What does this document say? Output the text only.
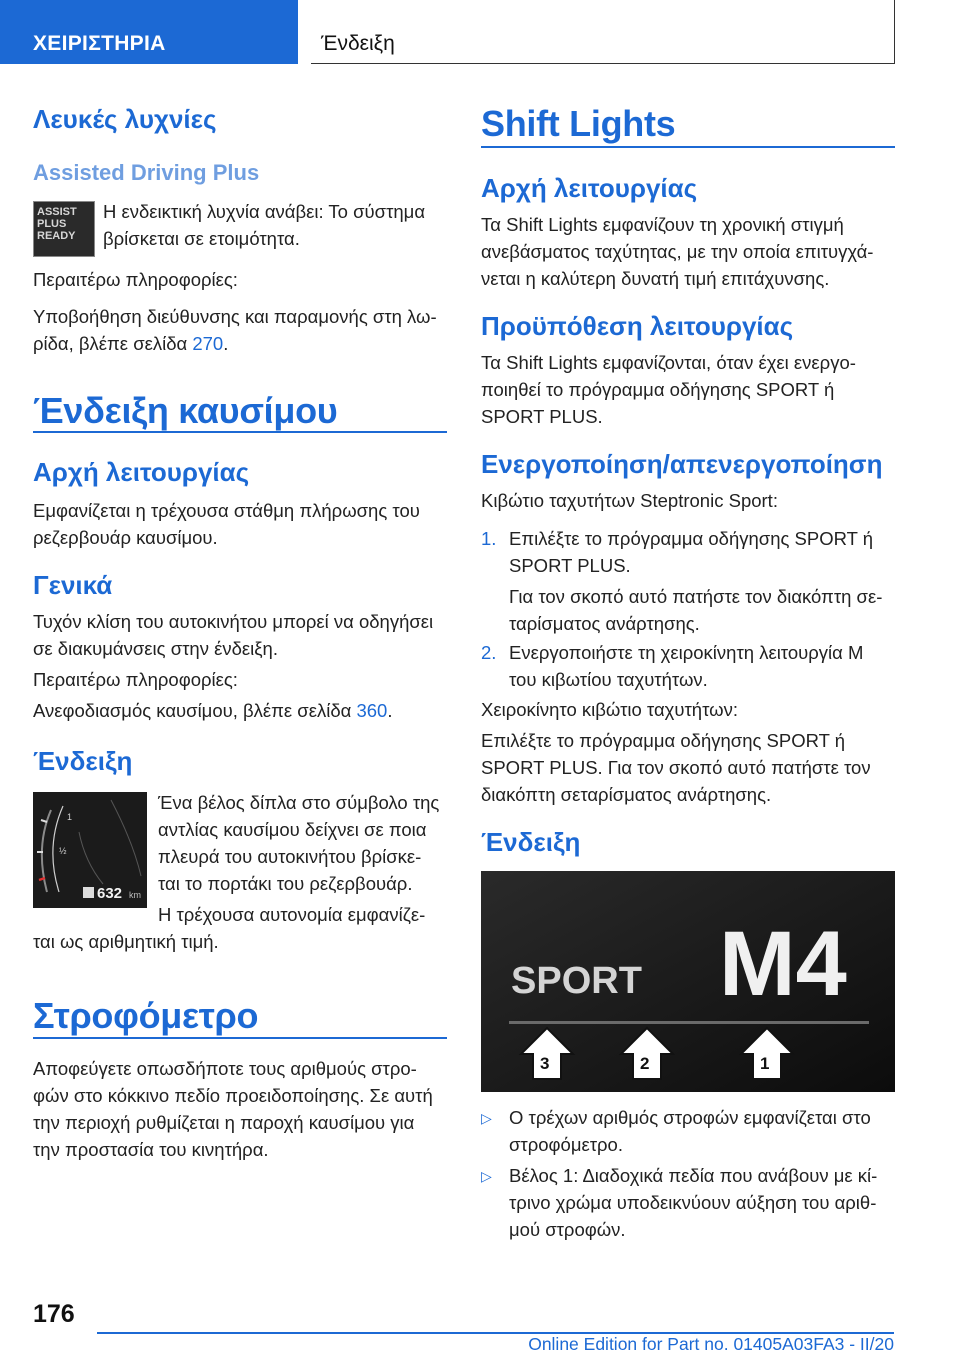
ΧΕΙΡΙΣΤΗΡΙΑ	Ένδειξη
Λευκές λυχνίες
Assisted Driving Plus
ASSIST
PLUS
READY

Η ενδεικτική λυχνία ανάβει: Το σύστημα

βρίσκεται σε ετοιμότητα.

Περαιτέρω πληροφορίες:

Υποβοήθηση διεύθυνσης και παραμονής στη λω-

ρίδα, βλέπε σελίδα 270.

Ένδειξη καυσίμου
Αρχή λειτουργίας

Εμφανίζεται η τρέχουσα στάθμη πλήρωσης του

ρεζερβουάρ καυσίμου.

Γενικά

Τυχόν κλίση του αυτοκινήτου μπορεί να οδηγήσει

σε διακυμάνσεις στην ένδειξη.

Περαιτέρω πληροφορίες:

Ανεφοδιασμός καυσίμου, βλέπε σελίδα 360.

Ένδειξη
1
½
632 km

Ένα βέλος δίπλα στο σύμβολο της

αντλίας καυσίμου δείχνει σε ποια

πλευρά του αυτοκινήτου βρίσκε-

ται το πορτάκι του ρεζερβουάρ.

Η τρέχουσα αυτονομία εμφανίζε-

ται ως αριθμητική τιμή.

Στροφόμετρο

Αποφεύγετε οπωσδήποτε τους αριθμούς στρο-

φών στο κόκκινο πεδίο προειδοποίησης. Σε αυτή

την περιοχή ρυθμίζεται η παροχή καυσίμου για

την προστασία του κινητήρα.

Shift Lights
Αρχή λειτουργίας

Τα Shift Lights εμφανίζουν τη χρονική στιγμή

ανεβάσματος ταχύτητας, με την οποία επιτυγχά-

νεται η καλύτερη δυνατή τιμή επιτάχυνσης.

Προϋπόθεση λειτουργίας

Τα Shift Lights εμφανίζονται, όταν έχει ενεργο-

ποιηθεί το πρόγραμμα οδήγησης SPORT ή

SPORT PLUS.

Ενεργοποίηση/απενεργοποίηση

Κιβώτιο ταχυτήτων Steptronic Sport:

1. Επιλέξτε το πρόγραμμα οδήγησης SPORT ή

SPORT PLUS.

Για τον σκοπό αυτό πατήστε τον διακόπτη σε-

ταρίσματος ανάρτησης.

2. Ενεργοποιήστε τη χειροκίνητη λειτουργία M

του κιβωτίου ταχυτήτων.

Χειροκίνητο κιβώτιο ταχυτήτων:

Επιλέξτε το πρόγραμμα οδήγησης SPORT ή

SPORT PLUS. Για τον σκοπό αυτό πατήστε τον

διακόπτη σεταρίσματος ανάρτησης.

Ένδειξη
SPORT M4
3	2	1
▷ Ο τρέχων αριθμός στροφών εμφανίζεται στο

στροφόμετρο.

▷ Βέλος 1: Διαδοχικά πεδία που ανάβουν με κί-

τρινο χρώμα υποδεικνύουν αύξηση του αριθ-

μού στροφών.

176
Online Edition for Part no. 01405A03FA3 - II/20
